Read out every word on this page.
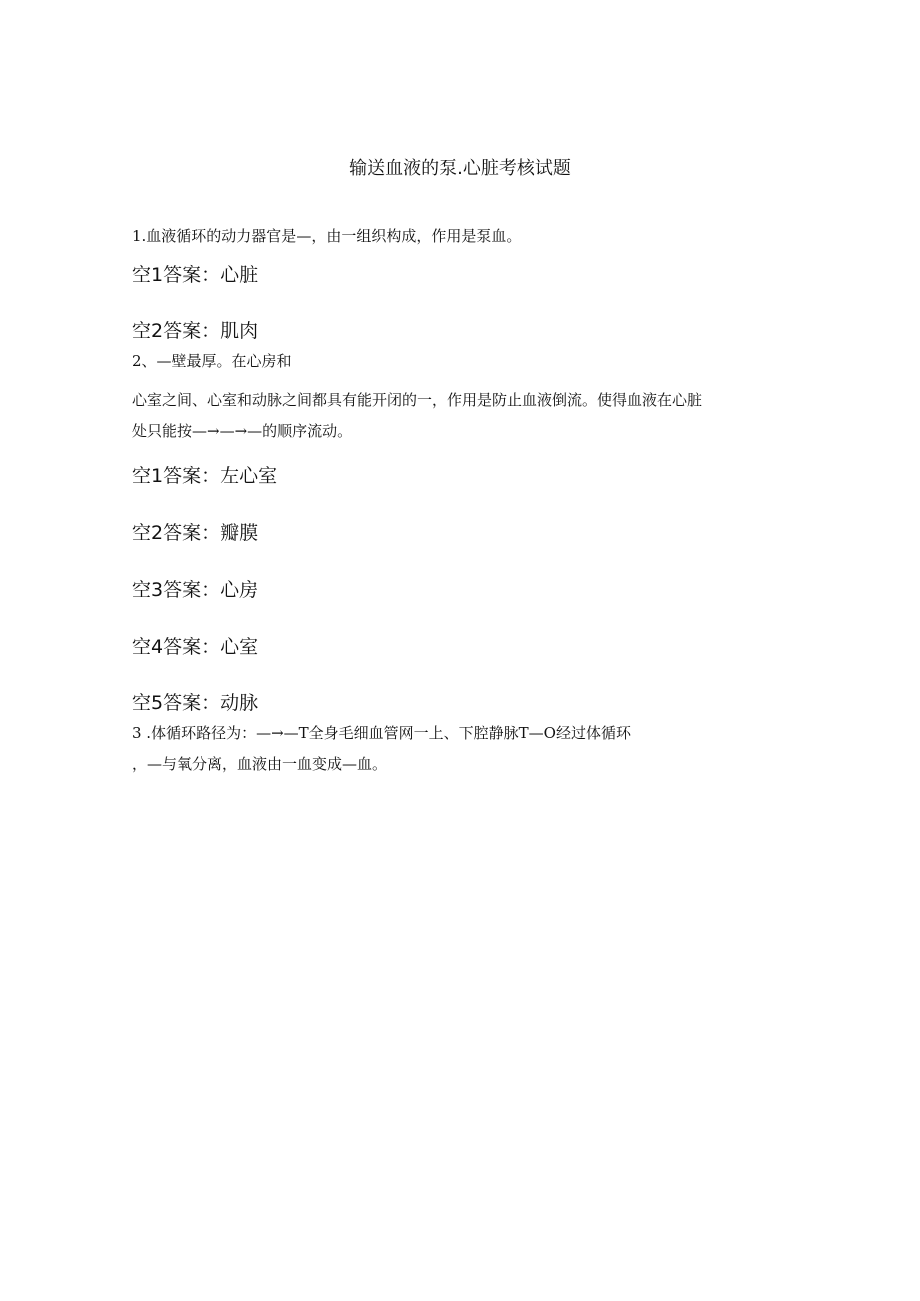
输送血液的泵.心脏考核试题
1.血液循环的动力器官是—，由一组织构成，作用是泵血。
空1答案：心脏
空2答案：肌肉
2、—壁最厚。在心房和
心室之间、心室和动脉之间都具有能开闭的一，作用是防止血液倒流。使得血液在心脏
处只能按—→—→—的顺序流动。
空1答案：左心室
空2答案：瓣膜
空3答案：心房
空4答案：心室
空5答案：动脉
3 .体循环路径为：—→—T全身毛细血管网一上、下腔静脉T—O经过体循环
，—与氧分离，血液由一血变成—血。
